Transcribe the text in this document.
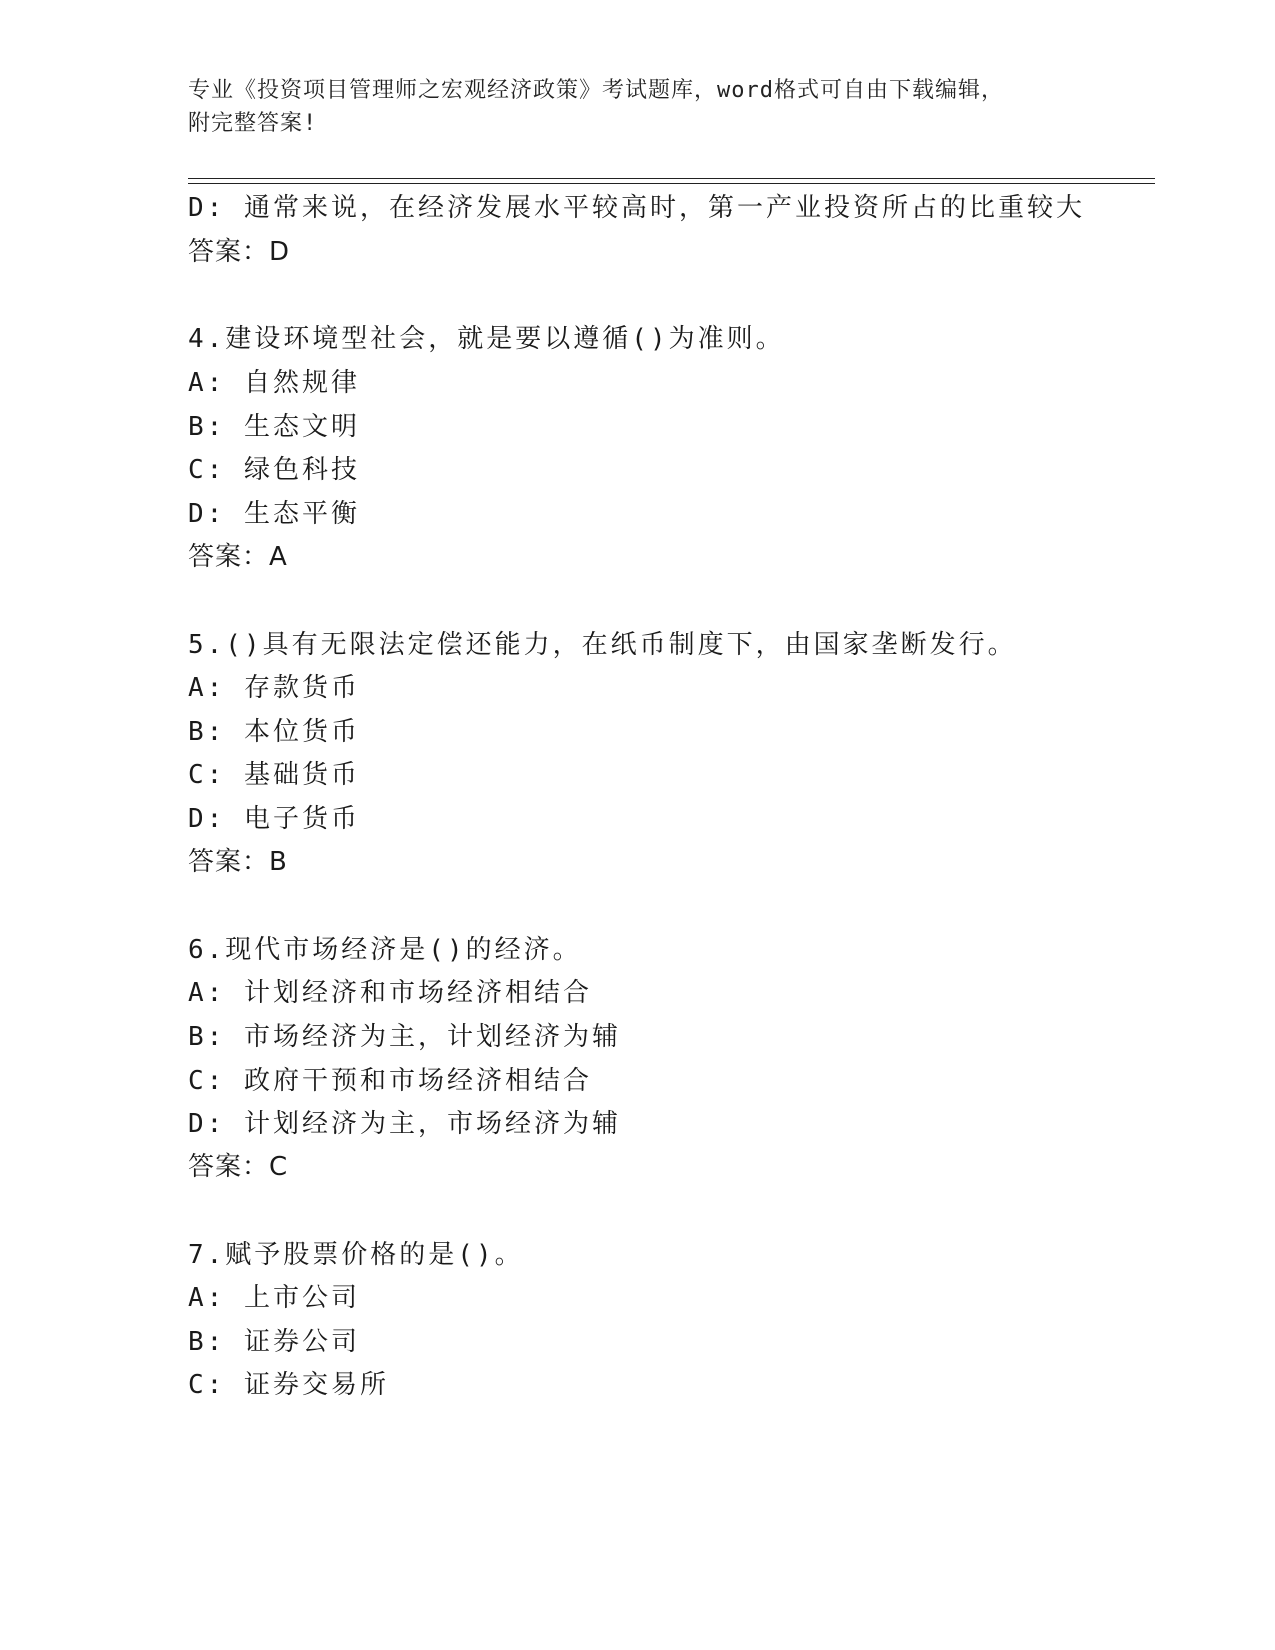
专业《投资项目管理师之宏观经济政策》考试题库，word格式可自由下载编辑，
附完整答案!
D: 通常来说，在经济发展水平较高时，第一产业投资所占的比重较大
答案：D
4.建设环境型社会，就是要以遵循()为准则。
A: 自然规律
B: 生态文明
C: 绿色科技
D: 生态平衡
答案：A
5.()具有无限法定偿还能力，在纸币制度下，由国家垄断发行。
A: 存款货币
B: 本位货币
C: 基础货币
D: 电子货币
答案：B
6.现代市场经济是()的经济。
A: 计划经济和市场经济相结合
B: 市场经济为主，计划经济为辅
C: 政府干预和市场经济相结合
D: 计划经济为主，市场经济为辅
答案：C
7.赋予股票价格的是()。
A: 上市公司
B: 证券公司
C: 证券交易所
